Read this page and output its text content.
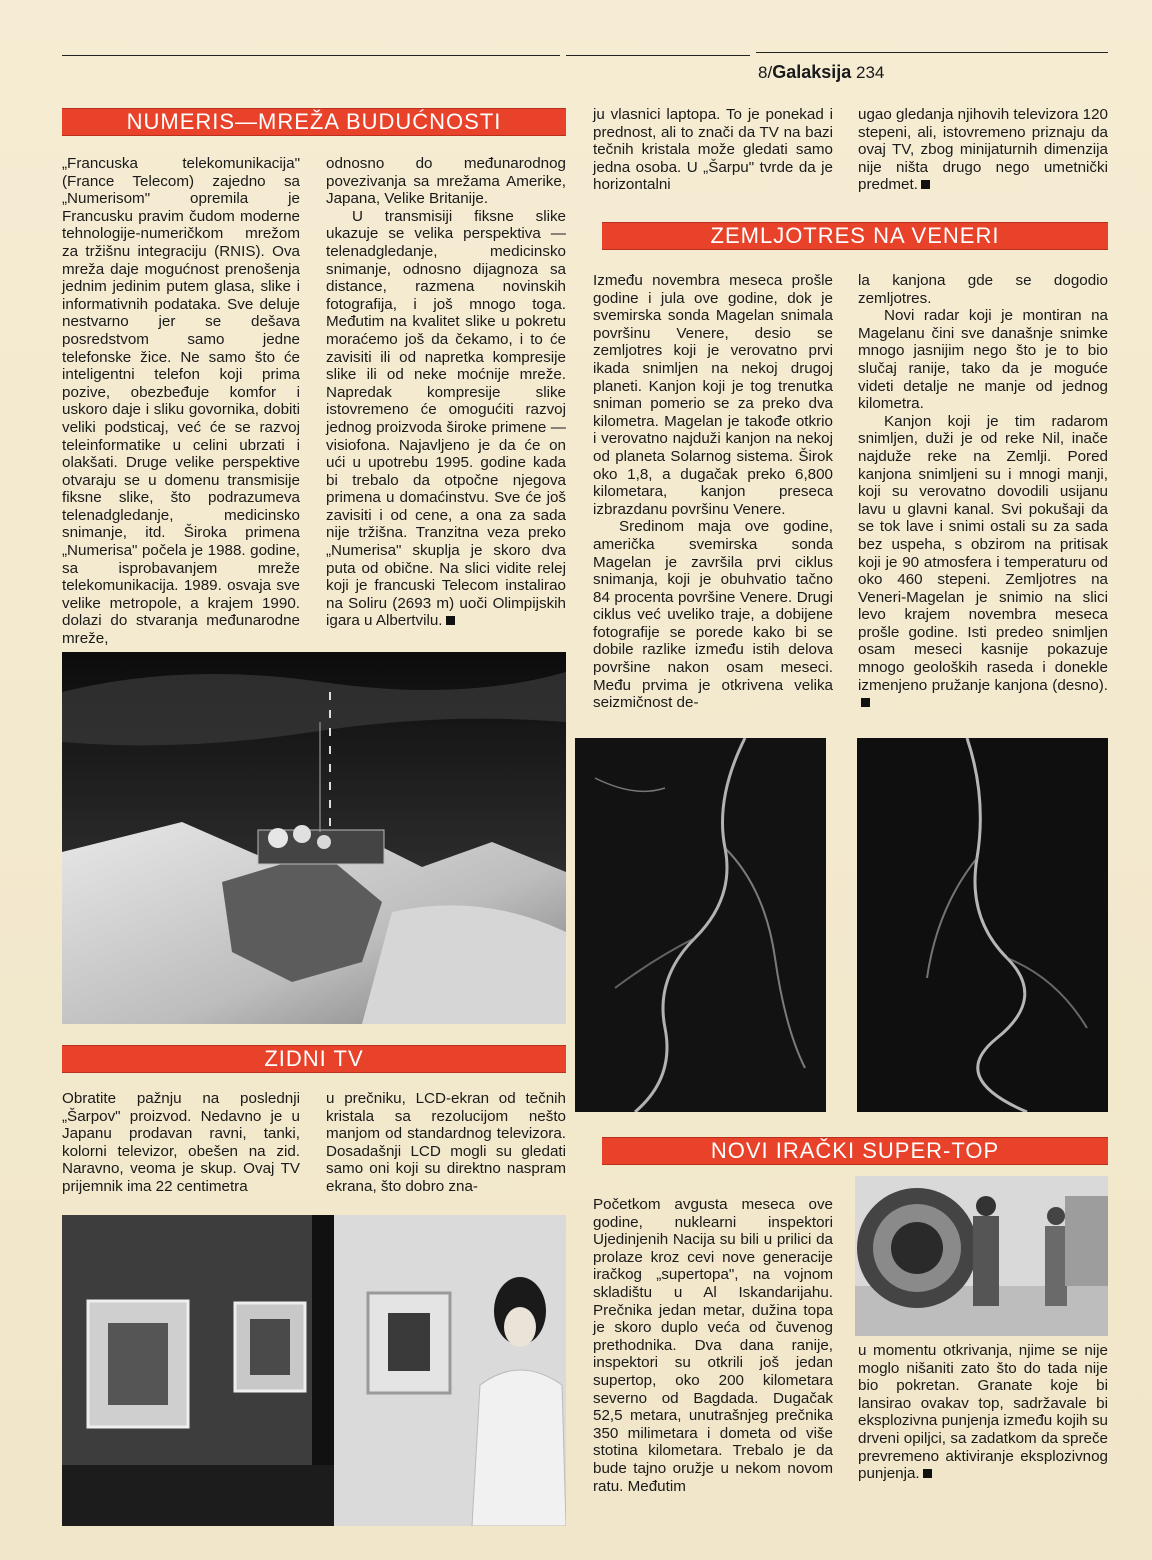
8/Galaksija 234
NUMERIS—MREŽA BUDUĆNOSTI

„Francuska telekomunikacija" (France Telecom) zajedno sa „Numerisom" opremila je Francusku pravim čudom moderne tehnologije-numeričkom mrežom za tržišnu integraciju (RNIS). Ova mreža daje mogućnost prenošenja jednim jedinim putem glasa, slike i informativnih podataka. Sve deluje nestvarno jer se dešava posredstvom samo jedne telefonske žice. Ne samo što će inteligentni telefon koji prima pozive, obezbeđuje komfor i uskoro daje i sliku govornika, dobiti veliki podsticaj, već će se razvoj teleinformatike u celini ubrzati i olakšati. Druge velike perspektive otvaraju se u domenu transmisije fiksne slike, što podrazumeva telenadgledanje, medicinsko snimanje, itd. Široka primena „Numerisa" počela je 1988. godine, sa isprobavanjem mreže telekomunikacija. 1989. osvaja sve velike metropole, a krajem 1990. dolazi do stvaranja međunarodne mreže,

odnosno do međunarodnog povezivanja sa mrežama Amerike, Japana, Velike Britanije.

U transmisiji fiksne slike ukazuje se velika perspektiva — telenadgledanje, medicinsko snimanje, odnosno dijagnoza sa distance, razmena novinskih fotografija, i još mnogo toga. Međutim na kvalitet slike u pokretu moraćemo još da čekamo, i to će zavisiti ili od napretka kompresije slike ili od neke moćnije mreže. Napredak kompresije slike istovremeno će omogućiti razvoj jednog proizvoda široke primene — visiofona. Najavljeno je da će on ući u upotrebu 1995. godine kada bi trebalo da otpočne njegova primena u domaćinstvu. Sve će još zavisiti i od cene, a ona za sada nije tržišna. Tranzitna veza preko „Numerisa" skuplja je skoro dva puta od obične. Na slici vidite relej koji je francuski Telecom instalirao na Soliru (2693 m) uoči Olimpijskih igara u Albertvilu.

ZIDNI TV

Obratite pažnju na poslednji „Šarpov" proizvod. Nedavno je u Japanu prodavan ravni, tanki, kolorni televizor, obešen na zid. Naravno, veoma je skup. Ovaj TV prijemnik ima 22 centimetra

u prečniku, LCD-ekran od tečnih kristala sa rezolucijom nešto manjom od standardnog televizora. Dosadašnji LCD mogli su gledati samo oni koji su direktno naspram ekrana, što dobro zna-

ju vlasnici laptopa. To je ponekad i prednost, ali to znači da TV na bazi tečnih kristala može gledati samo jedna osoba. U „Šarpu" tvrde da je horizontalni

ugao gledanja njihovih televizora 120 stepeni, ali, istovremeno priznaju da ovaj TV, zbog minijaturnih dimenzija nije ništa drugo nego umetnički predmet.

ZEMLJOTRES NA VENERI

Između novembra meseca prošle godine i jula ove godine, dok je svemirska sonda Magelan snimala površinu Venere, desio se zemljotres koji je verovatno prvi ikada snimljen na nekoj drugoj planeti. Kanjon koji je tog trenutka sniman pomerio se za preko dva kilometra. Magelan je takođe otkrio i verovatno najduži kanjon na nekoj od planeta Solarnog sistema. Širok oko 1,8, a dugačak preko 6,800 kilometara, kanjon preseca izbrazdanu površinu Venere.

Sredinom maja ove godine, američka svemirska sonda Magelan je završila prvi ciklus snimanja, koji je obuhvatio tačno 84 procenta površine Venere. Drugi ciklus već uveliko traje, a dobijene fotografije se porede kako bi se dobile razlike između istih delova površine nakon osam meseci. Među prvima je otkrivena velika seizmičnost de-

la kanjona gde se dogodio zemljotres.

Novi radar koji je montiran na Magelanu čini sve današnje snimke mnogo jasnijim nego što je to bio slučaj ranije, tako da je moguće videti detalje ne manje od jednog kilometra.

Kanjon koji je tim radarom snimljen, duži je od reke Nil, inače najduže reke na Zemlji. Pored kanjona snimljeni su i mnogi manji, koji su verovatno dovodili usijanu lavu u glavni kanal. Svi pokušaji da se tok lave i snimi ostali su za sada bez uspeha, s obzirom na pritisak koji je 90 atmosfera i temperaturu od oko 460 stepeni. Zemljotres na Veneri-Magelan je snimio na slici levo krajem novembra meseca prošle godine. Isti predeo snimljen osam meseci kasnije pokazuje mnogo geoloških raseda i donekle izmenjeno pružanje kanjona (desno).

NOVI IRAČKI SUPER-TOP

Početkom avgusta meseca ove godine, nuklearni inspektori Ujedinjenih Nacija su bili u prilici da prolaze kroz cevi nove generacije iračkog „supertopa", na vojnom skladištu u Al Iskandarijahu. Prečnika jedan metar, dužina topa je skoro duplo veća od čuvenog prethodnika. Dva dana ranije, inspektori su otkrili još jedan supertop, oko 200 kilometara severno od Bagdada. Dugačak 52,5 metara, unutrašnjeg prečnika 350 milimetara i dometa od više stotina kilometara. Trebalo je da bude tajno oružje u nekom novom ratu. Međutim

u momentu otkrivanja, njime se nije moglo nišaniti zato što do tada nije bio pokretan. Granate koje bi lansirao ovakav top, sadržavale bi eksplozivna punjenja između kojih su drveni opiljci, sa zadatkom da spreče prevremeno aktiviranje eksplozivnog punjenja.
